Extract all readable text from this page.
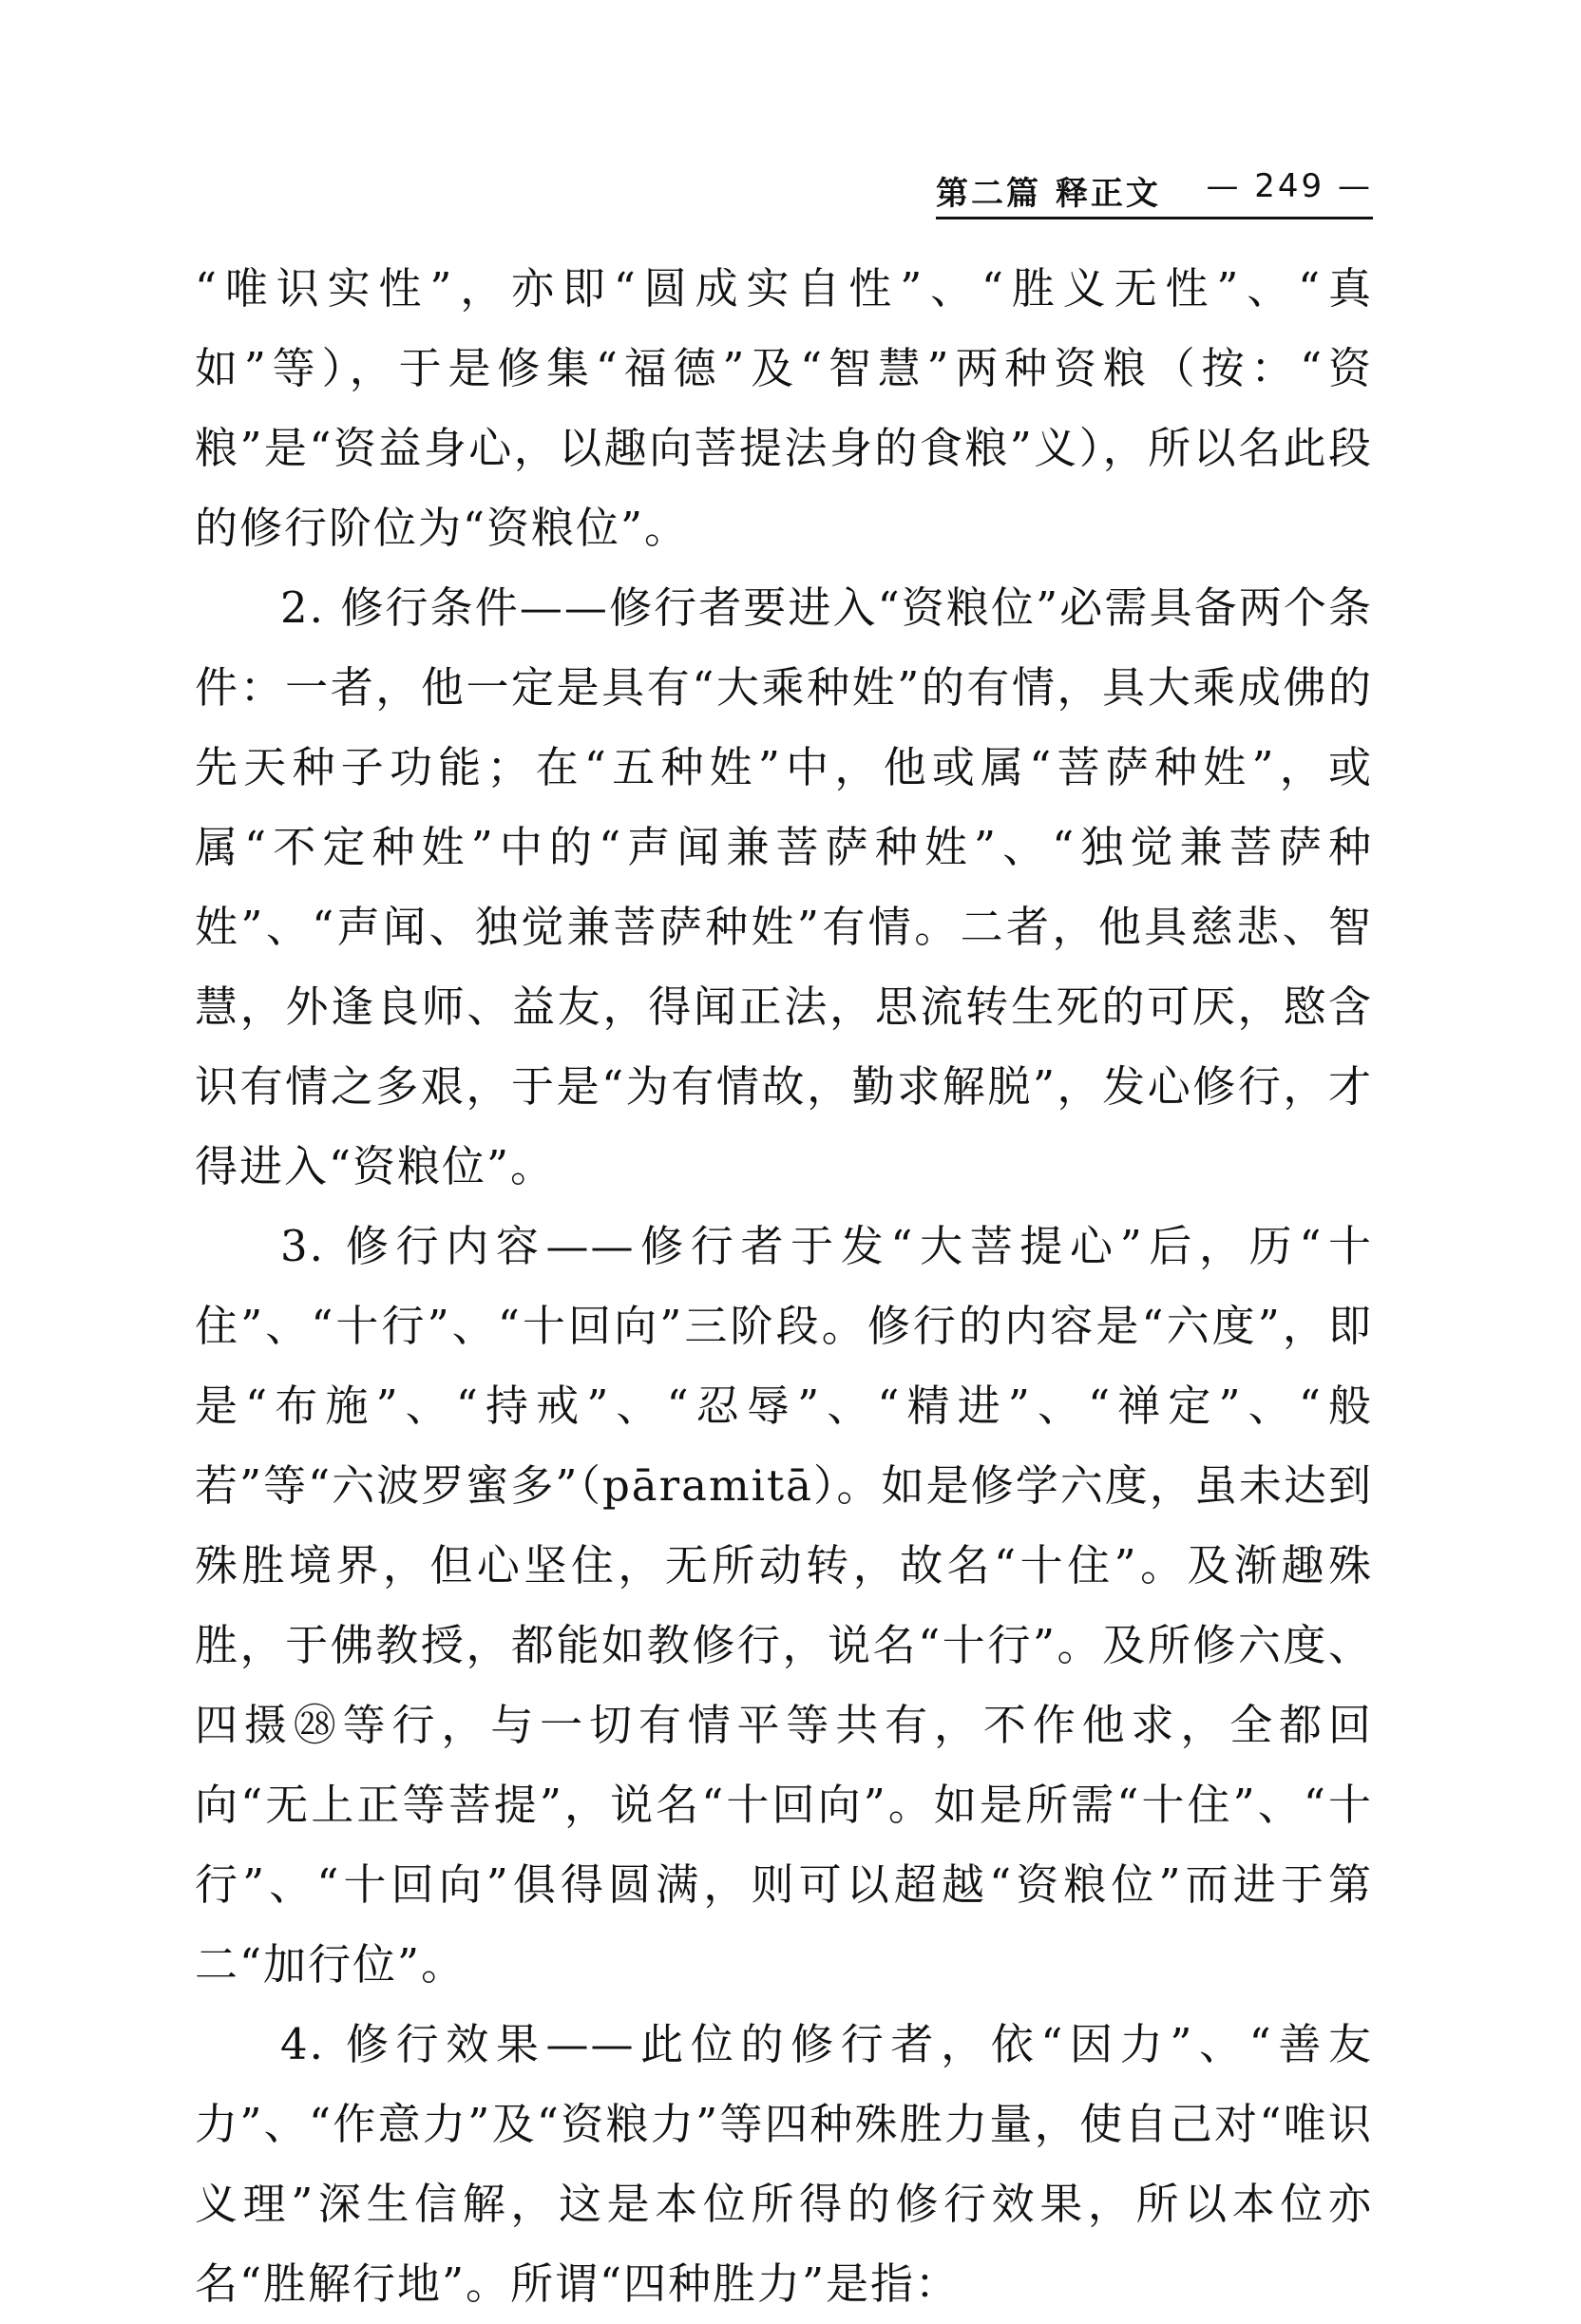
第二篇 释正文 — 249 —

“唯识实性”，亦即“圆成实自性”、“胜义无性”、“真如”等），于是修集“福德”及“智慧”两种资粮（按：“资粮”是“资益身心，以趣向菩提法身的食粮”义），所以名此段的修行阶位为“资粮位”。

2. 修行条件——修行者要进入“资粮位”必需具备两个条件：一者，他一定是具有“大乘种姓”的有情，具大乘成佛的先天种子功能；在“五种姓”中，他或属“菩萨种姓”，或属“不定种姓”中的“声闻兼菩萨种姓”、“独觉兼菩萨种姓”、“声闻、独觉兼菩萨种姓”有情。二者，他具慈悲、智慧，外逢良师、益友，得闻正法，思流转生死的可厌，愍含识有情之多艰，于是“为有情故，勤求解脱”，发心修行，才得进入“资粮位”。

3. 修行内容——修行者于发“大菩提心”后，历“十住”、“十行”、“十回向”三阶段。修行的内容是“六度”，即是“布施”、“持戒”、“忍辱”、“精进”、“禅定”、“般若”等“六波罗蜜多”（pāramitā）。如是修学六度，虽未达到殊胜境界，但心坚住，无所动转，故名“十住”。及渐趣殊胜，于佛教授，都能如教修行，说名“十行”。及所修六度、四摄㉘等行，与一切有情平等共有，不作他求，全都回向“无上正等菩提”，说名“十回向”。如是所需“十住”、“十行”、“十回向”俱得圆满，则可以超越“资粮位”而进于第二“加行位”。

4. 修行效果——此位的修行者，依“因力”、“善友力”、“作意力”及“资粮力”等四种殊胜力量，使自己对“唯识义理”深生信解，这是本位所得的修行效果，所以本位亦名“胜解行地”。所谓“四种胜力”是指：
